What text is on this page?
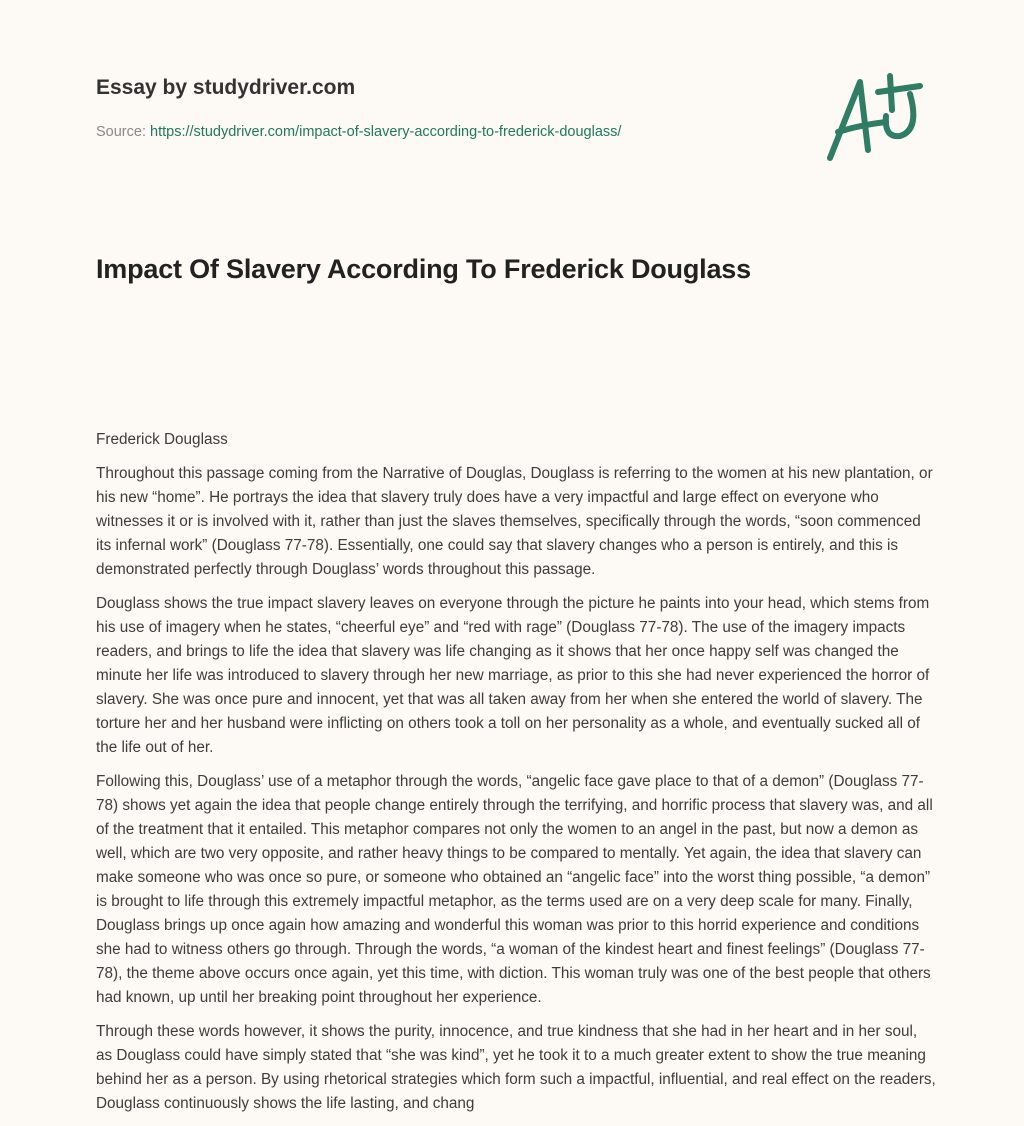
Essay by studydriver.com
Source: https://studydriver.com/impact-of-slavery-according-to-frederick-douglass/
Impact Of Slavery According To Frederick Douglass

Frederick Douglass

Throughout this passage coming from the Narrative of Douglas, Douglass is referring to the women at his new plantation, or his new “home”. He portrays the idea that slavery truly does have a very impactful and large effect on everyone who witnesses it or is involved with it, rather than just the slaves themselves, specifically through the words, “soon commenced its infernal work” (Douglass 77-78). Essentially, one could say that slavery changes who a person is entirely, and this is demonstrated perfectly through Douglass’ words throughout this passage.

Douglass shows the true impact slavery leaves on everyone through the picture he paints into your head, which stems from his use of imagery when he states, “cheerful eye” and “red with rage” (Douglass 77-78). The use of the imagery impacts readers, and brings to life the idea that slavery was life changing as it shows that her once happy self was changed the minute her life was introduced to slavery through her new marriage, as prior to this she had never experienced the horror of slavery. She was once pure and innocent, yet that was all taken away from her when she entered the world of slavery. The torture her and her husband were inflicting on others took a toll on her personality as a whole, and eventually sucked all of the life out of her.

Following this, Douglass’ use of a metaphor through the words, “angelic face gave place to that of a demon” (Douglass 77-78) shows yet again the idea that people change entirely through the terrifying, and horrific process that slavery was, and all of the treatment that it entailed. This metaphor compares not only the women to an angel in the past, but now a demon as well, which are two very opposite, and rather heavy things to be compared to mentally. Yet again, the idea that slavery can make someone who was once so pure, or someone who obtained an “angelic face” into the worst thing possible, “a demon” is brought to life through this extremely impactful metaphor, as the terms used are on a very deep scale for many. Finally, Douglass brings up once again how amazing and wonderful this woman was prior to this horrid experience and conditions she had to witness others go through. Through the words, “a woman of the kindest heart and finest feelings” (Douglass 77-78), the theme above occurs once again, yet this time, with diction. This woman truly was one of the best people that others had known, up until her breaking point throughout her experience.

Through these words however, it shows the purity, innocence, and true kindness that she had in her heart and in her soul, as Douglass could have simply stated that “she was kind”, yet he took it to a much greater extent to show the true meaning behind her as a person. By using rhetorical strategies which form such a impactful, influential, and real effect on the readers, Douglass continuously shows the life lasting, and chang
